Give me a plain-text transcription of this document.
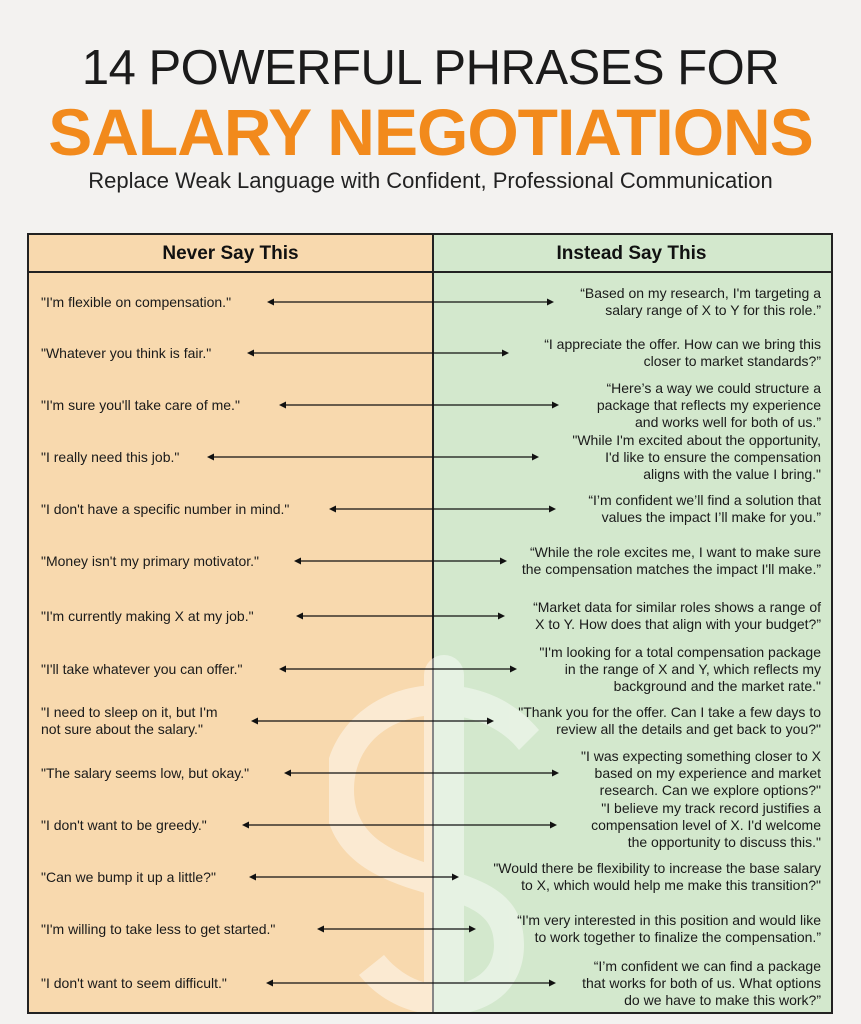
14 POWERFUL PHRASES FOR
SALARY NEGOTIATIONS
Replace Weak Language with Confident, Professional Communication
Never Say This	Instead Say This
"I'm flexible on compensation."
“Based on my research, I'm targeting a
salary range of X to Y for this role.”
"Whatever you think is fair."
“I appreciate the offer. How can we bring this
closer to market standards?”
"I'm sure you'll take care of me."
“Here’s a way we could structure a
package that reflects my experience
and works well for both of us.”
"I really need this job."
"While I'm excited about the opportunity,
I'd like to ensure the compensation
aligns with the value I bring."
"I don't have a specific number in mind."
“I’m confident we’ll find a solution that
values the impact I’ll make for you.”
"Money isn't my primary motivator."
“While the role excites me, I want to make sure
the compensation matches the impact I'll make.”
"I'm currently making X at my job."
“Market data for similar roles shows a range of
X to Y. How does that align with your budget?”
"I'll take whatever you can offer."
"I'm looking for a total compensation package
in the range of X and Y, which reflects my
background and the market rate."
"I need to sleep on it, but I'm
not sure about the salary."
"Thank you for the offer. Can I take a few days to
review all the details and get back to you?"
"The salary seems low, but okay."
"I was expecting something closer to X
based on my experience and market
research. Can we explore options?"
"I don't want to be greedy."
"I believe my track record justifies a
compensation level of X. I'd welcome
the opportunity to discuss this."
"Can we bump it up a little?"
"Would there be flexibility to increase the base salary
to X, which would help me make this transition?"
"I'm willing to take less to get started."
“I'm very interested in this position and would like
to work together to finalize the compensation.”
"I don't want to seem difficult."
“I’m confident we can find a package
that works for both of us. What options
do we have to make this work?”
